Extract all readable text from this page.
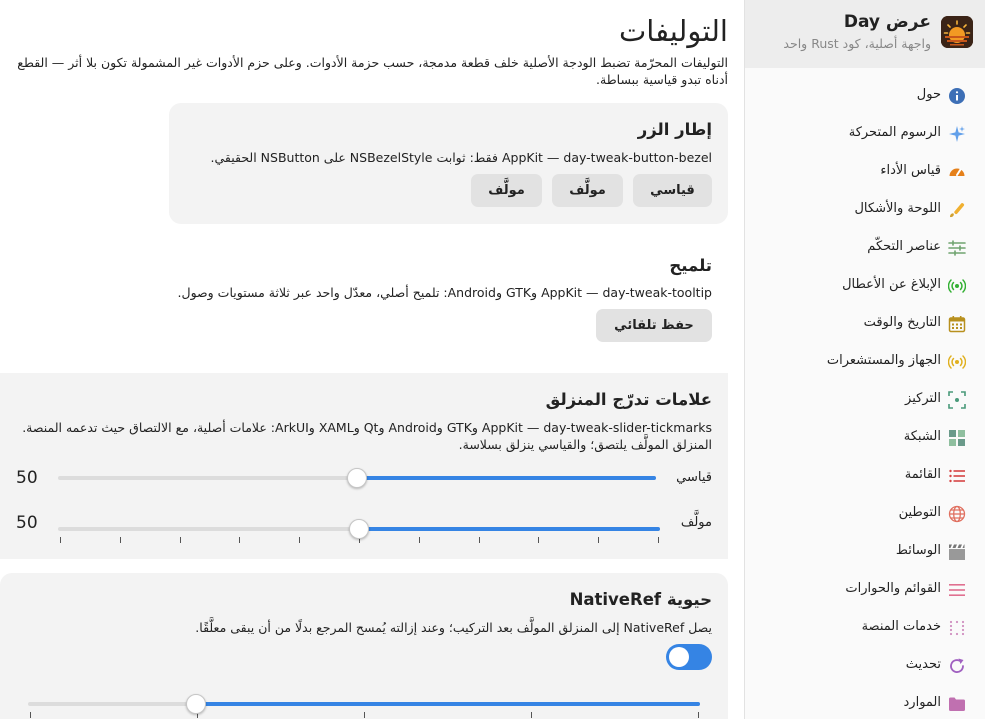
التوليفات
التوليفات المحرّمة تضبط الودجة الأصلية خلف قطعة مدمجة، حسب حزمة الأدوات. وعلى حزم الأدوات غير المشمولة تكون بلا أثر — القطع أدناه تبدو قياسية ببساطة.
إطار الزر
AppKit — day-tweak-button-bezel فقط: ثوابت NSBezelStyle على NSButton الحقيقي.
قياسي
مولَّف
مولَّف
تلميح
AppKit — day-tweak-tooltip وGTK وAndroid: تلميح أصلي، معدّل واحد عبر ثلاثة مستويات وصول.
حفظ تلقائي
علامات تدرّج المنزلق
AppKit — day-tweak-slider-tickmarks وGTK وAndroid وQt وXAML وArkUI: علامات أصلية، مع الالتصاق حيث تدعمه المنصة. المنزلق المولَّف يلتصق؛ والقياسي ينزلق بسلاسة.
قياسي
50
مولَّف
50
حيوية NativeRef
يصل NativeRef إلى المنزلق المولَّف بعد التركيب؛ وعند إزالته يُمسح المرجع بدلًا من أن يبقى معلَّقًا.
عرض Day
واجهة أصلية، كود Rust واحد
حول
الرسوم المتحركة
قياس الأداء
اللوحة والأشكال
عناصر التحكّم
الإبلاغ عن الأعطال
التاريخ والوقت
الجهاز والمستشعرات
التركيز
الشبكة
القائمة
التوطين
الوسائط
القوائم والحوارات
خدمات المنصة
تحديث
الموارد
